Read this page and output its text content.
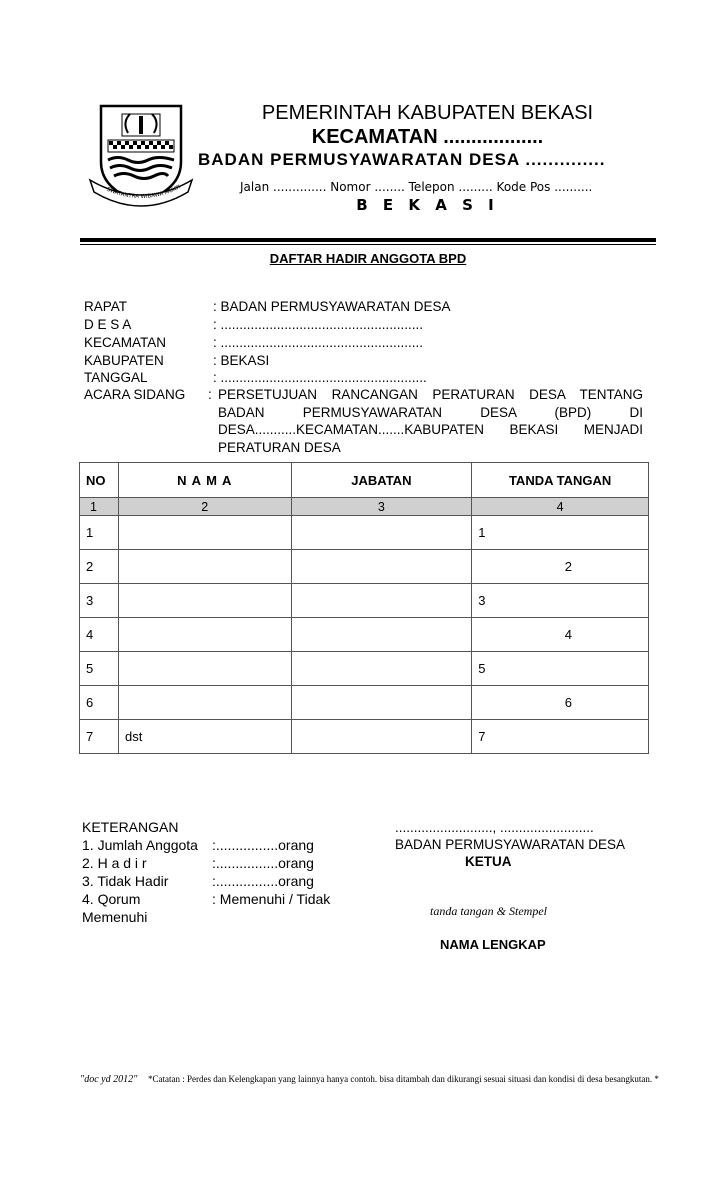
SWATANTRA WIBAWA MUKTI
PEMERINTAH KABUPATEN BEKASI
KECAMATAN ..................
BADAN PERMUSYAWARATAN DESA ..............
Jalan .............. Nomor ........ Telepon ......... Kode Pos ..........
B E K A S I
DAFTAR HADIR ANGGOTA BPD
RAPAT	: BADAN PERMUSYAWARATAN DESA
D E S A	: ......................................................
KECAMATAN	: ......................................................
KABUPATEN	: BEKASI
TANGGAL	: .......................................................
ACARA SIDANG : PERSETUJUAN RANCANGAN PERATURAN DESA TENTANG BADAN PERMUSYAWARATAN DESA (BPD) DI DESA...........KECAMATAN.......KABUPATEN BEKASI MENJADI PERATURAN DESA
NO	N A M A	JABATAN	TANDA TANGAN
1	2	3	4
1			1

2			2

3			3

4			4

5			5

6			6

7	dst		7
KETERANGAN
1. Jumlah Anggota :................orang
2. H a d i r	:................orang
3. Tidak Hadir	:................orang
4. Qorum	: Memenuhi / Tidak
Memenuhi
.........................., .........................
BADAN PERMUSYAWARATAN DESA
KETUA
tanda tangan & Stempel
NAMA LENGKAP
"doc yd 2012" *Catatan : Perdes dan Kelengkapan yang lainnya hanya contoh. bisa ditambah dan dikurangi sesuai situasi dan kondisi di desa besangkutan. *
